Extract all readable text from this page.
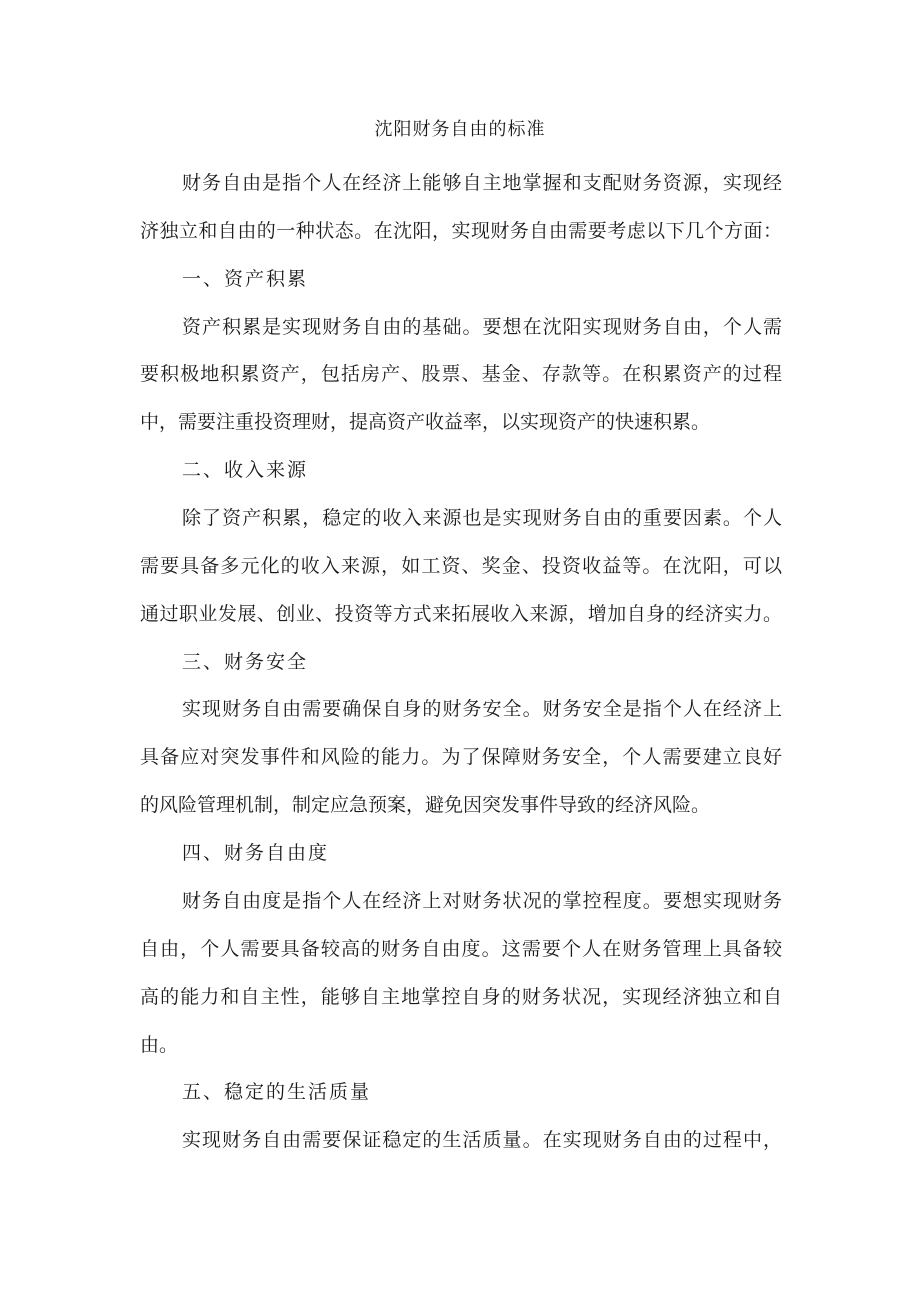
沈阳财务自由的标准
财务自由是指个人在经济上能够自主地掌握和支配财务资源，实现经
济独立和自由的一种状态。在沈阳，实现财务自由需要考虑以下几个方面：
一、资产积累
资产积累是实现财务自由的基础。要想在沈阳实现财务自由，个人需
要积极地积累资产，包括房产、股票、基金、存款等。在积累资产的过程
中，需要注重投资理财，提高资产收益率，以实现资产的快速积累。
二、收入来源
除了资产积累，稳定的收入来源也是实现财务自由的重要因素。个人
需要具备多元化的收入来源，如工资、奖金、投资收益等。在沈阳，可以
通过职业发展、创业、投资等方式来拓展收入来源，增加自身的经济实力。
三、财务安全
实现财务自由需要确保自身的财务安全。财务安全是指个人在经济上
具备应对突发事件和风险的能力。为了保障财务安全，个人需要建立良好
的风险管理机制，制定应急预案，避免因突发事件导致的经济风险。
四、财务自由度
财务自由度是指个人在经济上对财务状况的掌控程度。要想实现财务
自由，个人需要具备较高的财务自由度。这需要个人在财务管理上具备较
高的能力和自主性，能够自主地掌控自身的财务状况，实现经济独立和自
由。
五、稳定的生活质量
实现财务自由需要保证稳定的生活质量。在实现财务自由的过程中，
